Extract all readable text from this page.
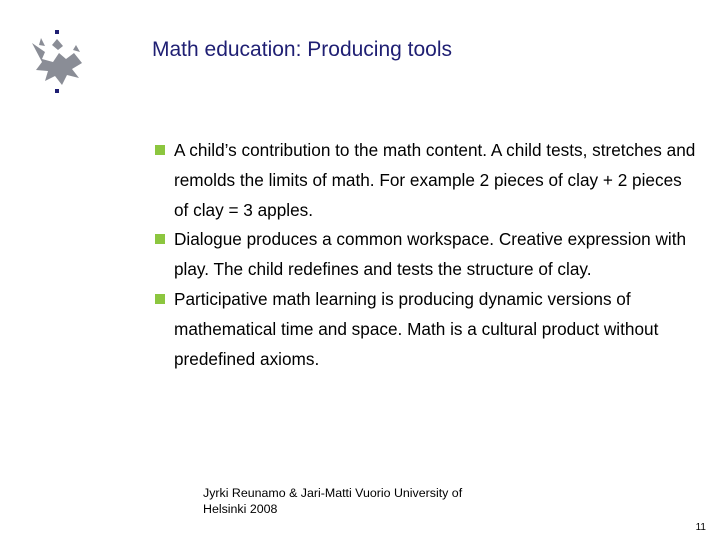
Math education: Producing tools
A child’s contribution to the math content. A child tests, stretches and remolds the limits of math. For example 2 pieces of clay + 2 pieces of clay = 3 apples.
Dialogue produces a common workspace. Creative expression with play. The child redefines and tests the structure of clay.
Participative math learning is producing dynamic versions of mathematical time and space. Math is a cultural product without predefined axioms.
Jyrki Reunamo & Jari-Matti Vuorio University of Helsinki 2008
11
